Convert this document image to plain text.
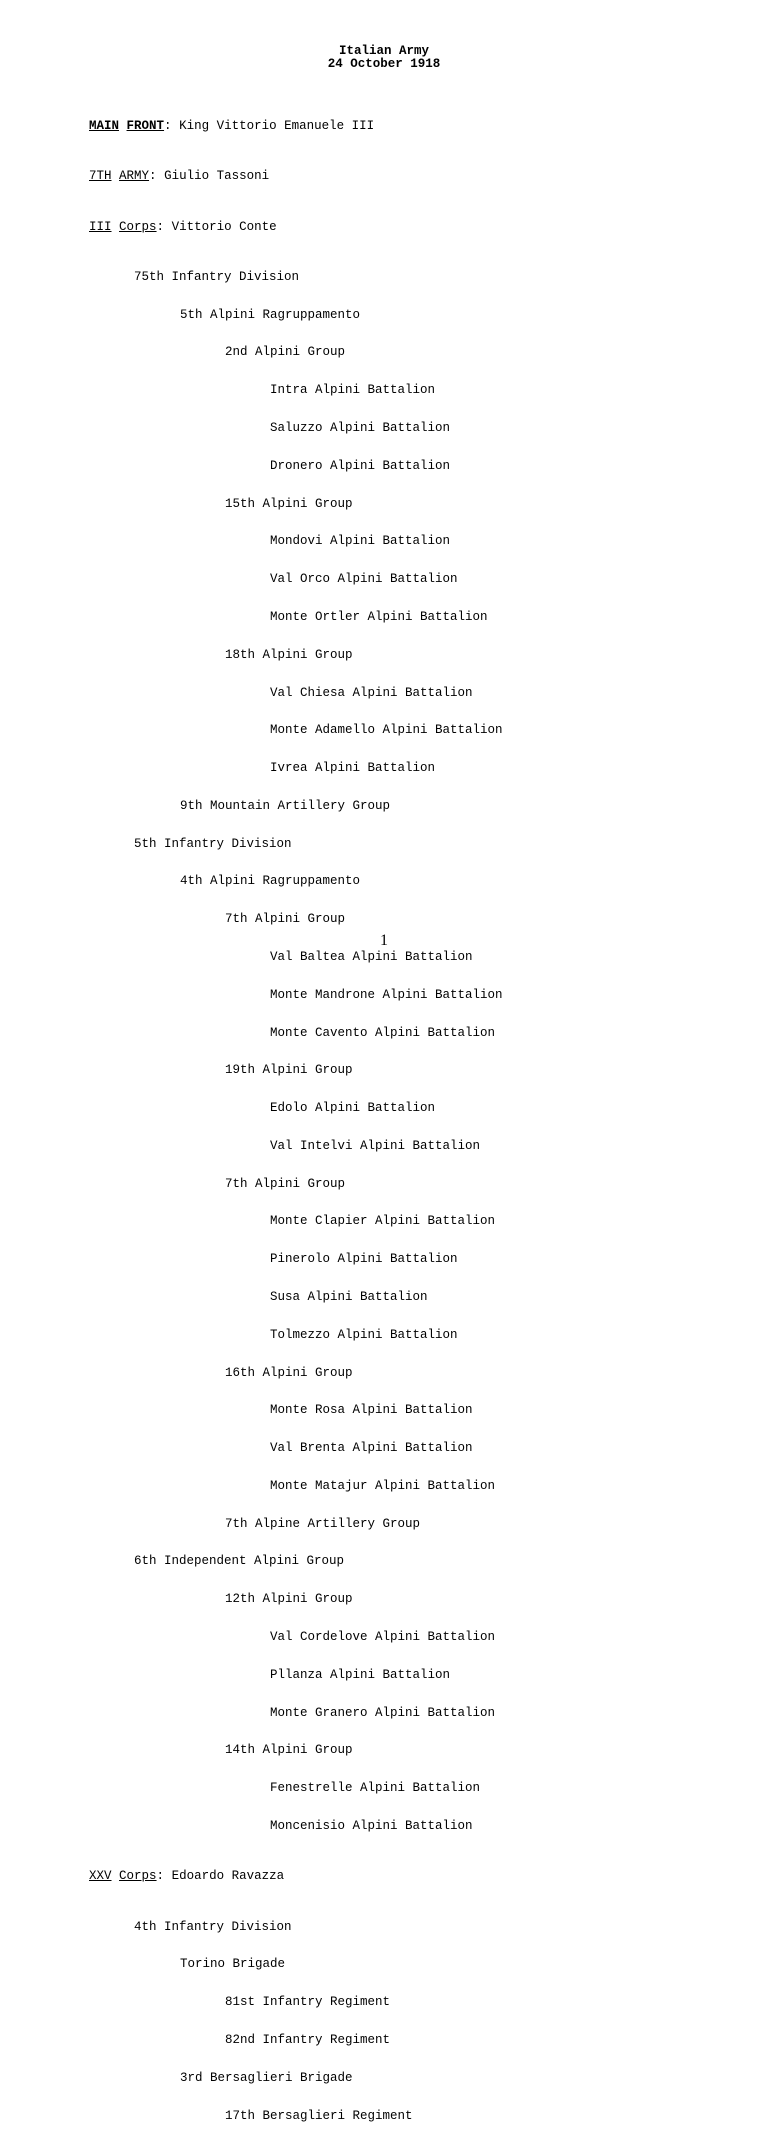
Italian Army
24 October 1918

MAIN FRONT: King Vittorio Emanuele III

7TH ARMY: Giulio Tassoni

III Corps: Vittorio Conte

75th Infantry Division

5th Alpini Ragruppamento

2nd Alpini Group

Intra Alpini Battalion

Saluzzo Alpini Battalion

Dronero Alpini Battalion

15th Alpini Group

Mondovi Alpini Battalion

Val Orco Alpini Battalion

Monte Ortler Alpini Battalion

18th Alpini Group

Val Chiesa Alpini Battalion

Monte Adamello Alpini Battalion

Ivrea Alpini Battalion

9th Mountain Artillery Group

5th Infantry Division

4th Alpini Ragruppamento

7th Alpini Group

Val Baltea Alpini Battalion

Monte Mandrone Alpini Battalion

Monte Cavento Alpini Battalion

19th Alpini Group

Edolo Alpini Battalion

Val Intelvi Alpini Battalion

7th Alpini Group

Monte Clapier Alpini Battalion

Pinerolo Alpini Battalion

Susa Alpini Battalion

Tolmezzo Alpini Battalion

16th Alpini Group

Monte Rosa Alpini Battalion

Val Brenta Alpini Battalion

Monte Matajur Alpini Battalion

7th Alpine Artillery Group

6th Independent Alpini Group

12th Alpini Group

Val Cordelove Alpini Battalion

Pllanza Alpini Battalion

Monte Granero Alpini Battalion

14th Alpini Group

Fenestrelle Alpini Battalion

Moncenisio Alpini Battalion

XXV Corps: Edoardo Ravazza

4th Infantry Division

Torino Brigade

81st Infantry Regiment

82nd Infantry Regiment

3rd Bersaglieri Brigade

17th Bersaglieri Regiment

1
